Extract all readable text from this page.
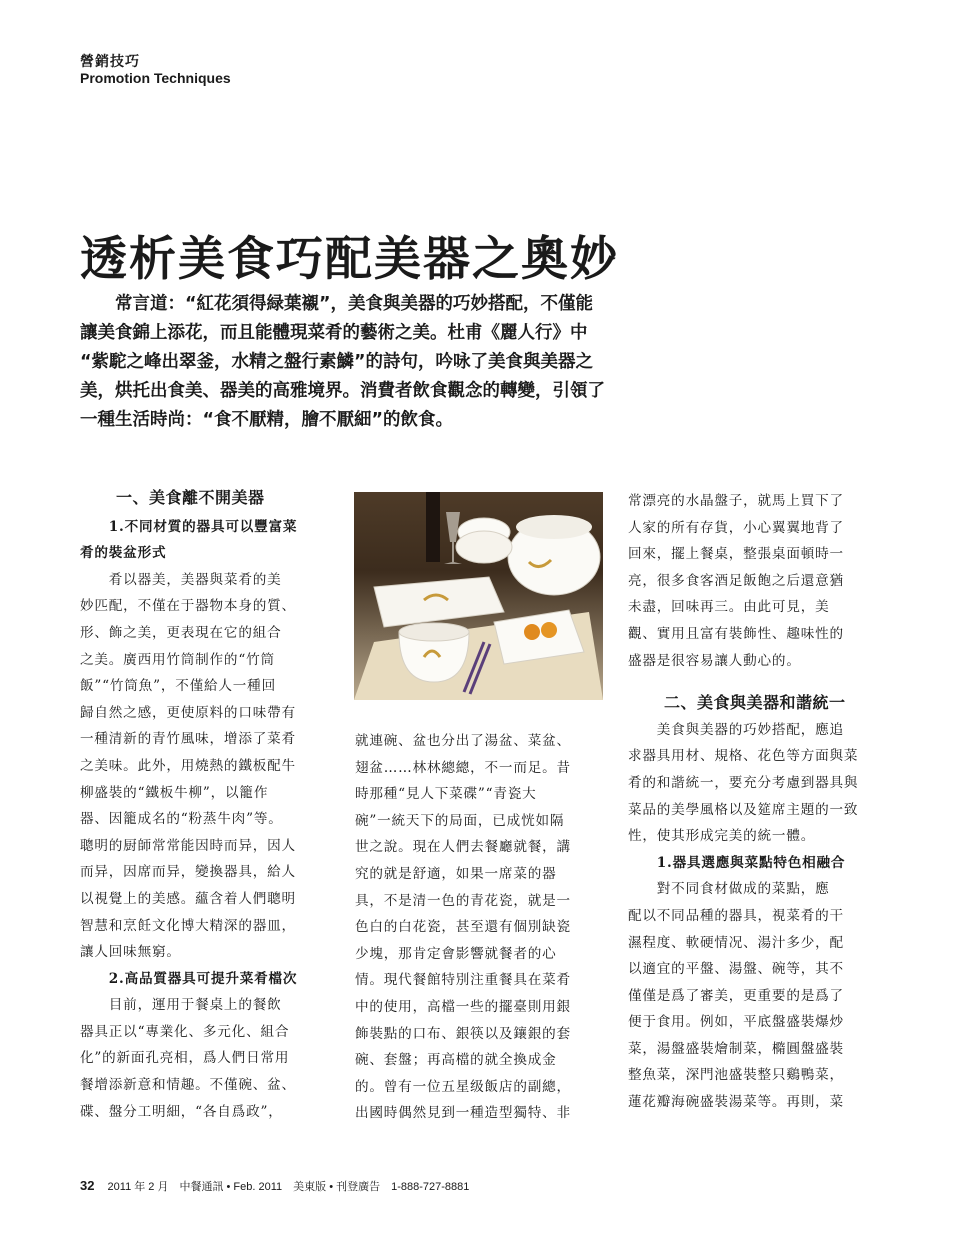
營銷技巧
Promotion Techniques
透析美食巧配美器之奧妙

　　常言道：“紅花須得緑葉襯”，美食與美器的巧妙搭配，不僅能

讓美食錦上添花，而且能體現菜肴的藝術之美。杜甫《麗人行》中

“紫駝之峰出翠釜，水精之盤行素鱗”的詩句，吟咏了美食與美器之

美，烘托出食美、器美的高雅境界。消費者飲食觀念的轉變，引領了

一種生活時尚：“食不厭精，膾不厭細”的飲食。

一、美食離不開美器

　　1.不同材質的器具可以豐富菜

肴的裝盆形式

　　肴以器美，美器與菜肴的美

妙匹配，不僅在于器物本身的質、

形、飾之美，更表現在它的組合

之美。廣西用竹筒制作的“竹筒

飯”“竹筒魚”，不僅給人一種回

歸自然之感，更使原料的口味帶有

一種清新的青竹風味，增添了菜肴

之美味。此外，用燒熱的鐵板配牛

柳盛裝的“鐵板牛柳”，以籠作

器、因籠成名的“粉蒸牛肉”等。

聰明的厨師常常能因時而异，因人

而异，因席而异，變換器具，給人

以視覺上的美感。蘊含着人們聰明

智慧和烹飪文化博大精深的器皿，

讓人回味無窮。

　　2.高品質器具可提升菜肴檔次

　　目前，運用于餐桌上的餐飲

器具正以“專業化、多元化、組合

化”的新面孔亮相，爲人們日常用

餐增添新意和情趣。不僅碗、盆、

碟、盤分工明細，“各自爲政”，

就連碗、盆也分出了湯盆、菜盆、

翅盆……林林總總，不一而足。昔

時那種“見人下菜碟”“青瓷大

碗”一統天下的局面，已成恍如隔

世之說。現在人們去餐廳就餐，講

究的就是舒適，如果一席菜的器

具，不是清一色的青花瓷，就是一

色白的白花瓷，甚至還有個別缺瓷

少塊，那肯定會影響就餐者的心

情。現代餐館特別注重餐具在菜肴

中的使用，高檔一些的擺臺則用銀

飾裝點的口布、銀筷以及鑲銀的套

碗、套盤；再高檔的就全換成金

的。曾有一位五星级飯店的副總，

出國時偶然見到一種造型獨特、非

常漂亮的水晶盤子，就馬上買下了

人家的所有存貨，小心翼翼地背了

回來，擺上餐桌，整張桌面頓時一

亮，很多食客酒足飯飽之后還意猶

未盡，回味再三。由此可見，美

觀、實用且富有裝飾性、趣味性的

盛器是很容易讓人動心的。

二、美食與美器和諧統一

　　美食與美器的巧妙搭配，應追

求器具用材、規格、花色等方面與菜

肴的和諧統一，要充分考慮到器具與

菜品的美學風格以及筵席主題的一致

性，使其形成完美的統一體。

　　1.器具選應與菜點特色相融合

　　對不同食材做成的菜點，應

配以不同品種的器具，視菜肴的干

濕程度、軟硬情况、湯汁多少，配

以適宜的平盤、湯盤、碗等，其不

僅僅是爲了審美，更重要的是爲了

便于食用。例如，平底盤盛裝爆炒

菜，湯盤盛裝燴制菜，橢圓盤盛裝

整魚菜，深門池盛裝整只鷄鴨菜，

蓮花瓣海碗盛裝湯菜等。再則，菜

32 2011 年 2 月　中餐通訊 • Feb. 2011　美東版 • 刊登廣告　1-888-727-8881
